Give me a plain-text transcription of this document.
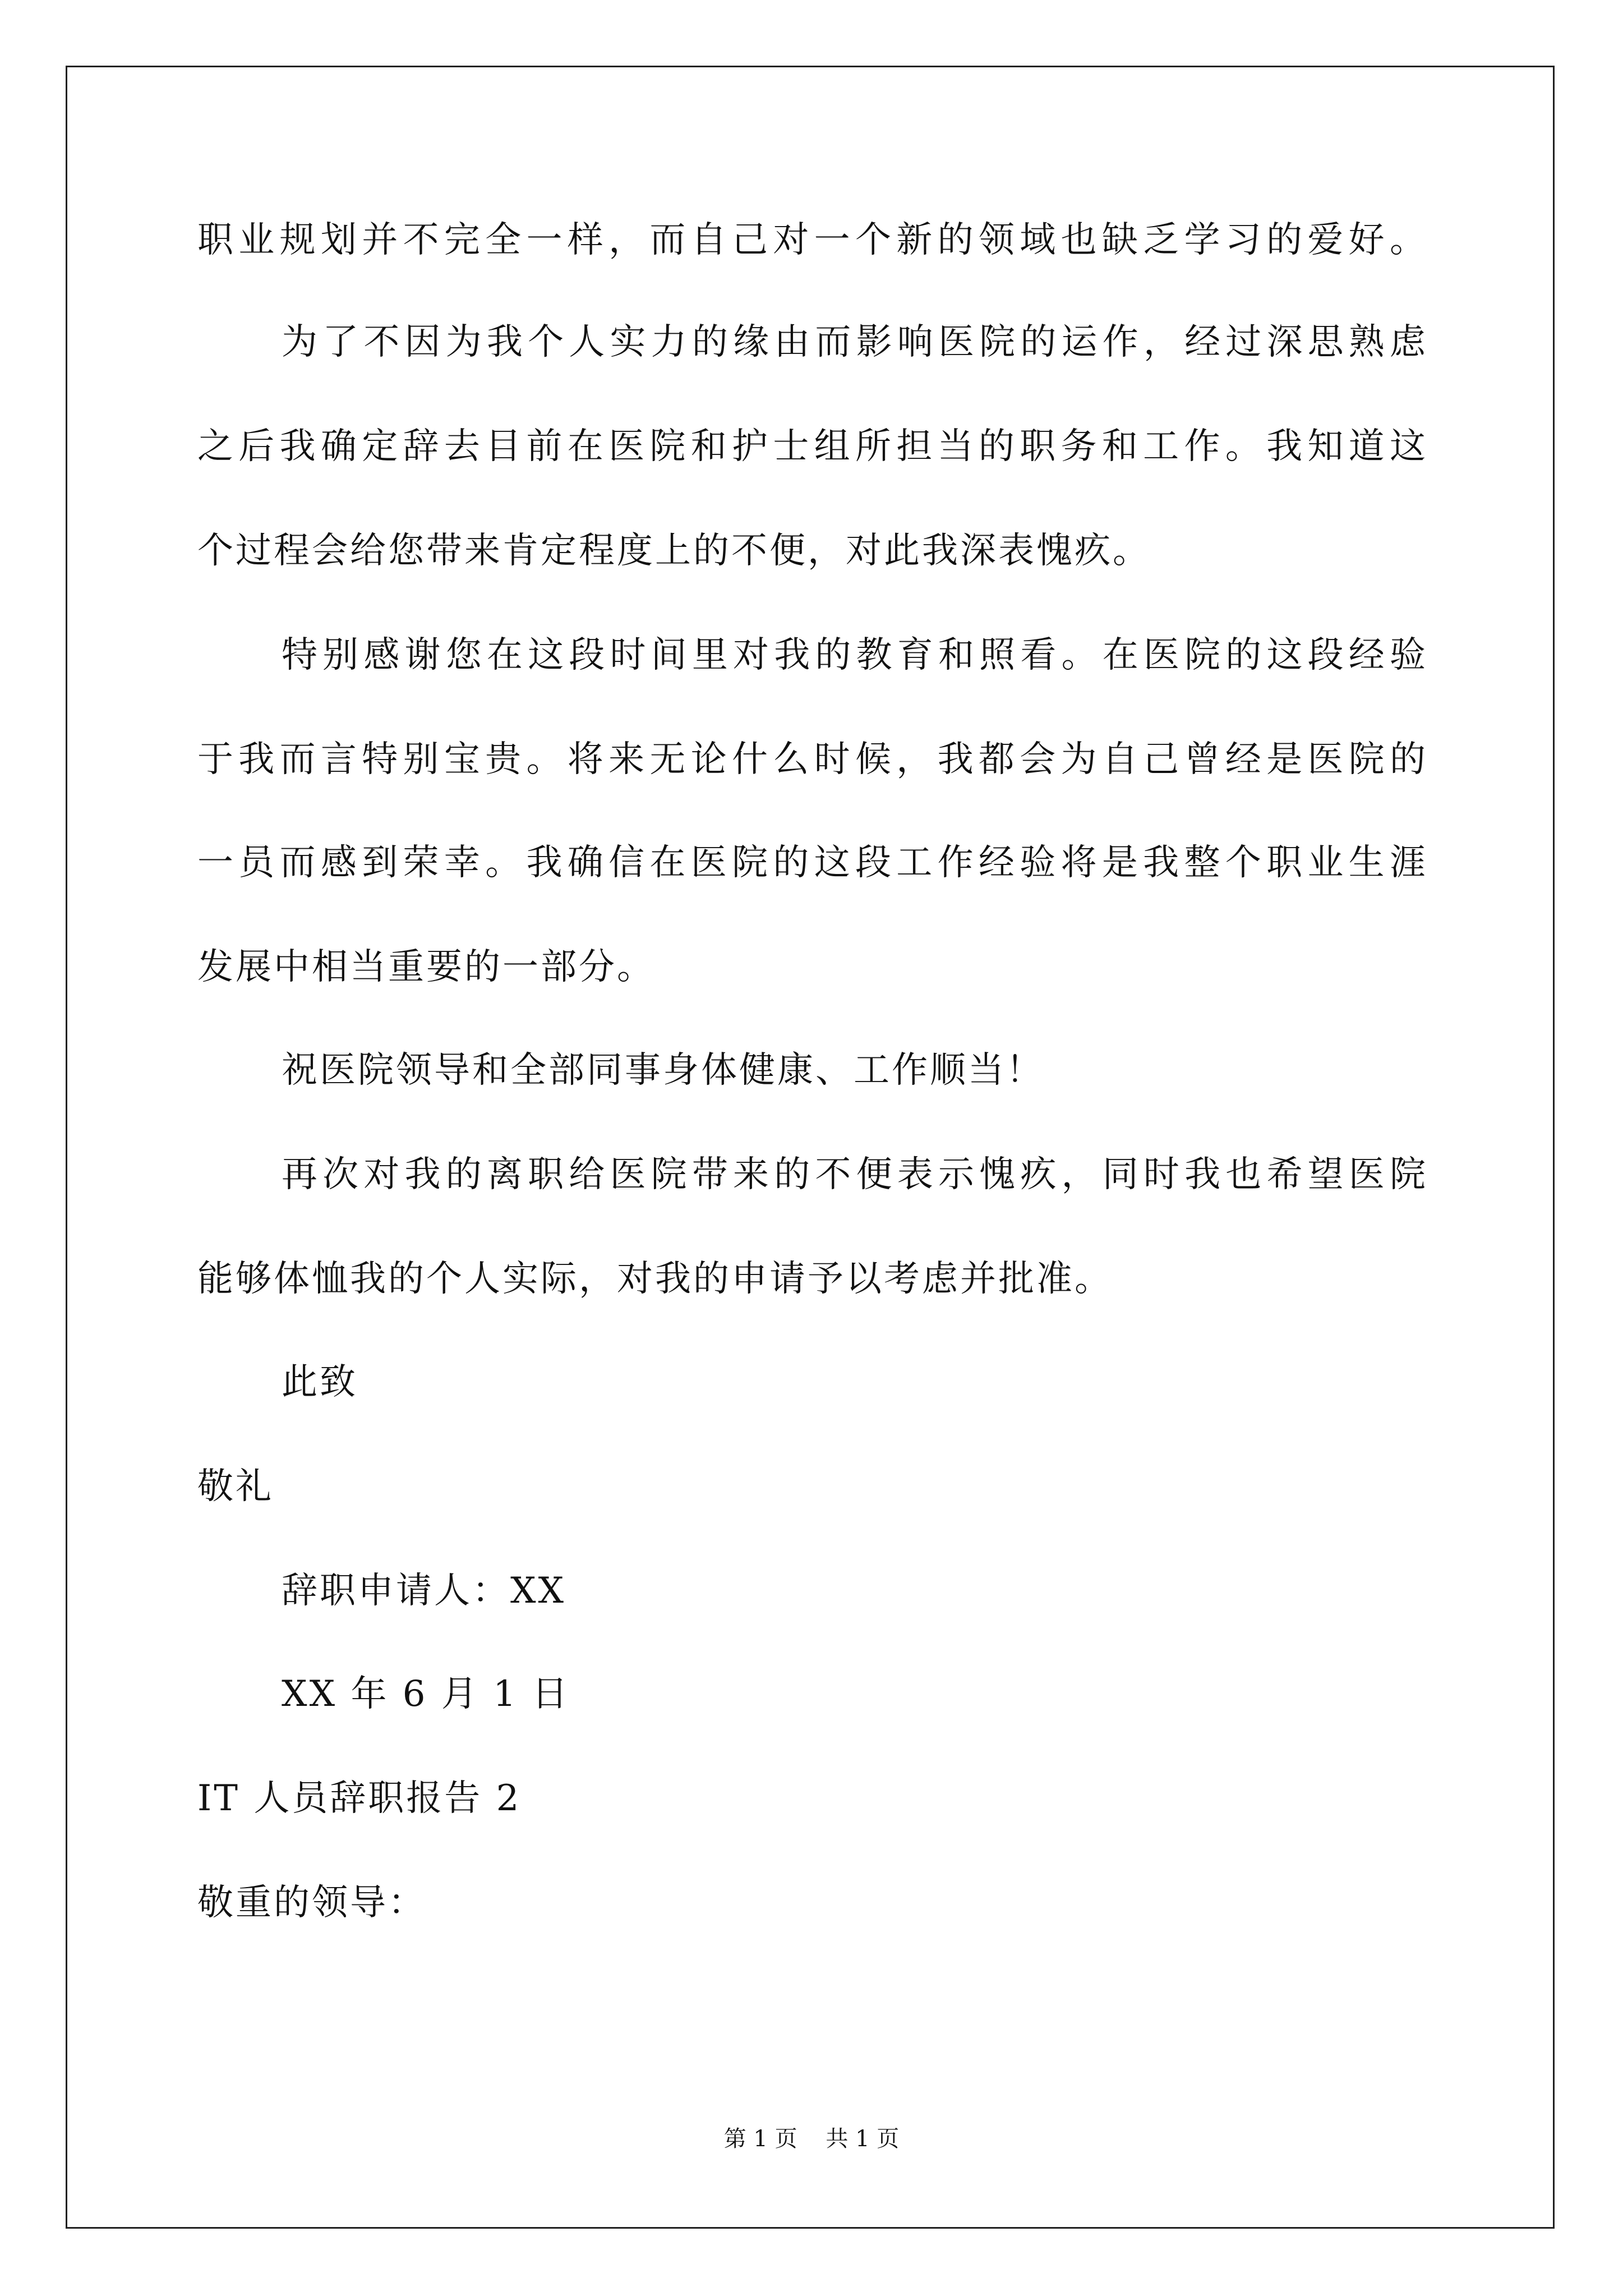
职业规划并不完全一样，而自己对一个新的领域也缺乏学习的爱好。
为了不因为我个人实力的缘由而影响医院的运作，经过深思熟虑
之后我确定辞去目前在医院和护士组所担当的职务和工作。我知道这
个过程会给您带来肯定程度上的不便，对此我深表愧疚。
特别感谢您在这段时间里对我的教育和照看。在医院的这段经验
于我而言特别宝贵。将来无论什么时候，我都会为自己曾经是医院的
一员而感到荣幸。我确信在医院的这段工作经验将是我整个职业生涯
发展中相当重要的一部分。
祝医院领导和全部同事身体健康、工作顺当！
再次对我的离职给医院带来的不便表示愧疚，同时我也希望医院
能够体恤我的个人实际，对我的申请予以考虑并批准。
此致
敬礼
辞职申请人：XX
XX 年 6 月 1 日
IT 人员辞职报告 2
敬重的领导：
第 1 页    共 1 页
